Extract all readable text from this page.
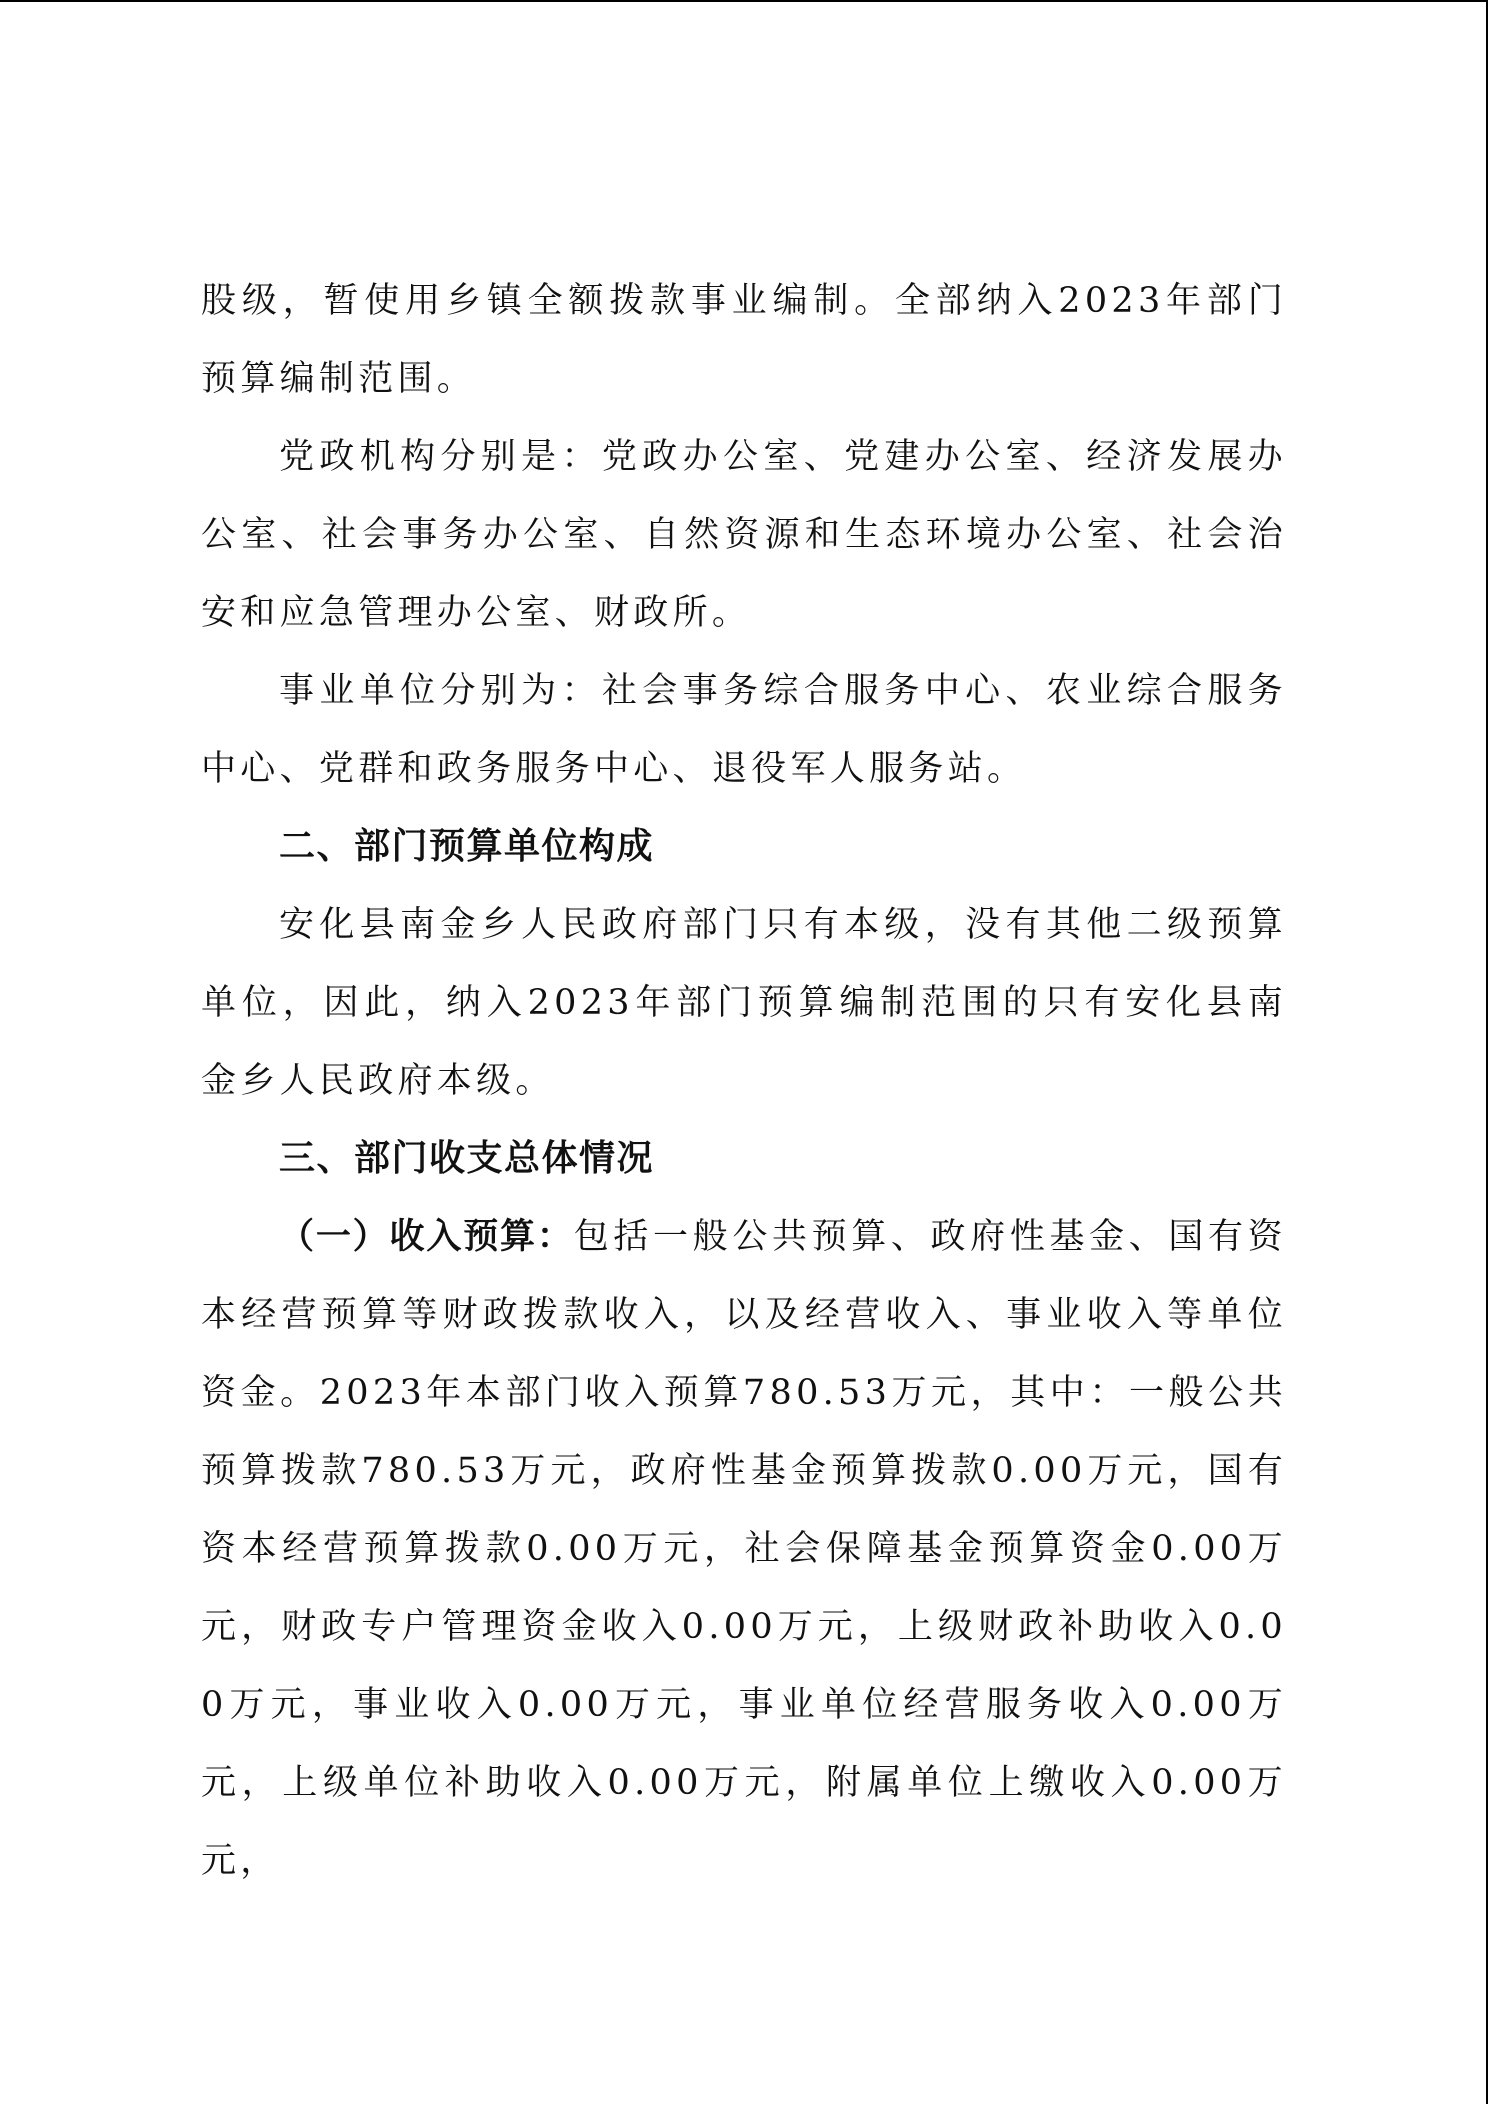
股级，暂使用乡镇全额拨款事业编制。全部纳入2023年部门预算编制范围。

党政机构分别是：党政办公室、党建办公室、经济发展办公室、社会事务办公室、自然资源和生态环境办公室、社会治安和应急管理办公室、财政所。

事业单位分别为：社会事务综合服务中心、农业综合服务中心、党群和政务服务中心、退役军人服务站。

二、部门预算单位构成

安化县南金乡人民政府部门只有本级，没有其他二级预算单位，因此，纳入2023年部门预算编制范围的只有安化县南金乡人民政府本级。

三、部门收支总体情况

（一）收入预算：包括一般公共预算、政府性基金、国有资本经营预算等财政拨款收入，以及经营收入、事业收入等单位资金。2023年本部门收入预算780.53万元，其中：一般公共预算拨款780.53万元，政府性基金预算拨款0.00万元，国有资本经营预算拨款0.00万元，社会保障基金预算资金0.00万元，财政专户管理资金收入0.00万元，上级财政补助收入0.00万元，事业收入0.00万元，事业单位经营服务收入0.00万元，上级单位补助收入0.00万元，附属单位上缴收入0.00万元，
